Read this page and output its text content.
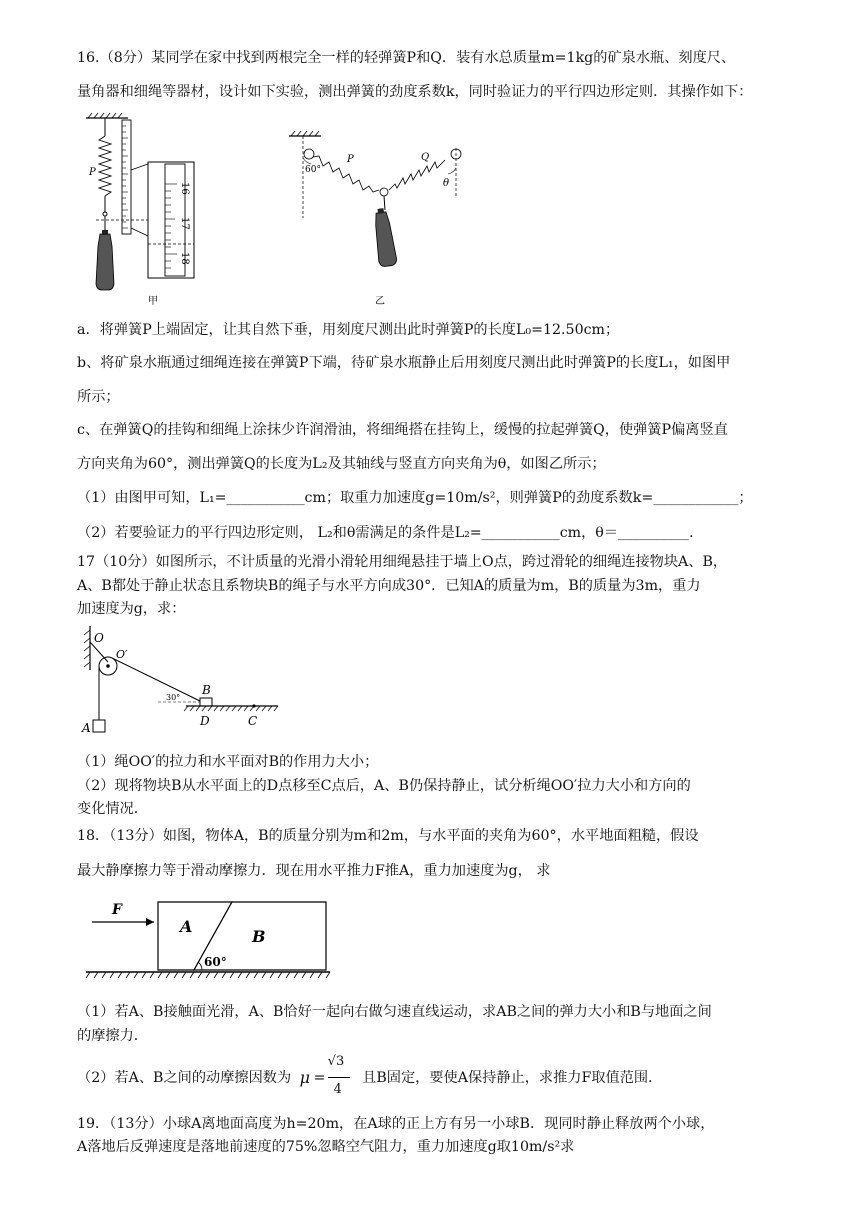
16.（8分）某同学在家中找到两根完全一样的轻弹簧P和Q．装有水总质量m=1kg的矿泉水瓶、刻度尺、
量角器和细绳等器材，设计如下实验，测出弹簧的劲度系数k，同时验证力的平行四边形定则．其操作如下：
P
16
17
18
甲
60°
P	Q
θ
乙
a．将弹簧P上端固定，让其自然下垂，用刻度尺测出此时弹簧P的长度L₀=12.50cm；
b、将矿泉水瓶通过细绳连接在弹簧P下端，待矿泉水瓶静止后用刻度尺测出此时弹簧P的长度L₁，如图甲
所示；
c、在弹簧Q的挂钩和细绳上涂抹少许润滑油，将细绳搭在挂钩上，缓慢的拉起弹簧Q，使弹簧P偏离竖直
方向夹角为60°，测出弹簧Q的长度为L₂及其轴线与竖直方向夹角为θ，如图乙所示；
（1）由图甲可知，L₁=___________cm；取重力加速度g=10m/s²，则弹簧P的劲度系数k=____________；
（2）若要验证力的平行四边形定则， L₂和θ需满足的条件是L₂=___________cm，θ＝__________.
17（10分）如图所示，不计质量的光滑小滑轮用细绳悬挂于墙上O点，跨过滑轮的细绳连接物块A、B，
A、B都处于静止状态且系物块B的绳子与水平方向成30°．已知A的质量为m，B的质量为3m，重力
加速度为g，求：
O
O′
A
30°
B
D	C
（1）绳OO′的拉力和水平面对B的作用力大小；
（2）现将物块B从水平面上的D点移至C点后，A、B仍保持静止，试分析绳OO′拉力大小和方向的
变化情况．
18．（13分）如图，物体A，B的质量分别为m和2m，与水平面的夹角为60°，水平地面粗糙，假设
最大静摩擦力等于滑动摩擦力．现在用水平推力F推A，重力加速度为g， 求
F
A
B
60°
（1）若A、B接触面光滑，A、B恰好一起向右做匀速直线运动，求AB之间的弹力大小和B与地面之间
的摩擦力．
（2）若A、B之间的动摩擦因数为 μ =
√3
4
且B固定，要使A保持静止，求推力F取值范围．
19．（13分）小球A离地面高度为h=20m，在A球的正上方有另一小球B．现同时静止释放两个小球，
A落地后反弹速度是落地前速度的75%忽略空气阻力，重力加速度g取10m/s²求
